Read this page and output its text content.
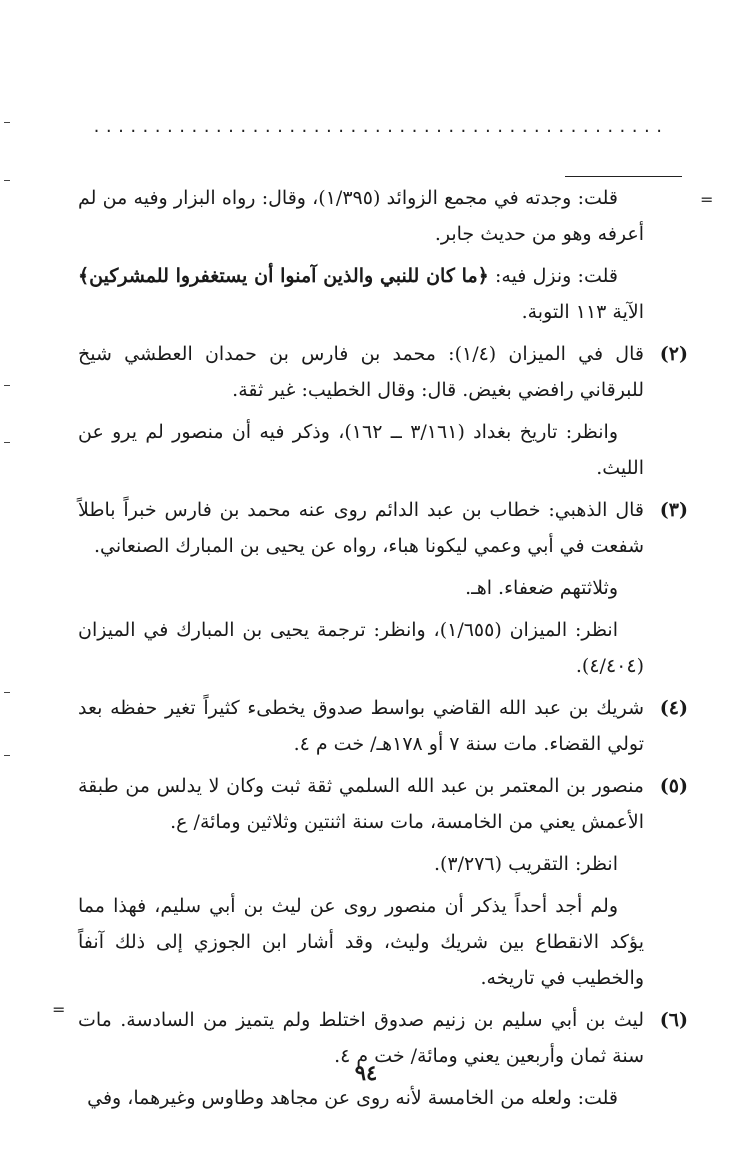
...............................................
=
=
قلت: وجدته في مجمع الزوائد (١/٣٩٥)، وقال: رواه البزار وفيه من لم أعرفه وهو من حديث جابر.
قلت: ونزل فيه: ﴿ما كان للنبي والذين آمنوا أن يستغفروا للمشركين﴾ الآية ١١٣ التوبة.
(٢)
قال في الميزان (١/٤): محمد بن فارس بن حمدان العطشي شيخ للبرقاني رافضي بغيض. قال: وقال الخطيب: غير ثقة.
وانظر: تاريخ بغداد (٣/١٦١ ــ ١٦٢)، وذكر فيه أن منصور لم يرو عن الليث.
(٣)
قال الذهبي: خطاب بن عبد الدائم روى عنه محمد بن فارس خبراً باطلاً شفعت في أبي وعمي ليكونا هباء، رواه عن يحيى بن المبارك الصنعاني.
وثلاثتهم ضعفاء. اهـ.
انظر: الميزان (١/٦٥٥)، وانظر: ترجمة يحيى بن المبارك في الميزان (٤/٤٠٤).
(٤)
شريك بن عبد الله القاضي بواسط صدوق يخطىء كثيراً تغير حفظه بعد تولي القضاء. مات سنة ٧ أو ١٧٨هـ/ خت م ٤.
(٥)
منصور بن المعتمر بن عبد الله السلمي ثقة ثبت وكان لا يدلس من طبقة الأعمش يعني من الخامسة، مات سنة اثنتين وثلاثين ومائة/ ع.
انظر: التقريب (٣/٢٧٦).
ولم أجد أحداً يذكر أن منصور روى عن ليث بن أبي سليم، فهذا مما يؤكد الانقطاع بين شريك وليث، وقد أشار ابن الجوزي إلى ذلك آنفاً والخطيب في تاريخه.
(٦)
ليث بن أبي سليم بن زنيم صدوق اختلط ولم يتميز من السادسة. مات سنة ثمان وأربعين يعني ومائة/ خت م ٤.
قلت: ولعله من الخامسة لأنه روى عن مجاهد وطاوس وغيرهما، وفي
٩٤
